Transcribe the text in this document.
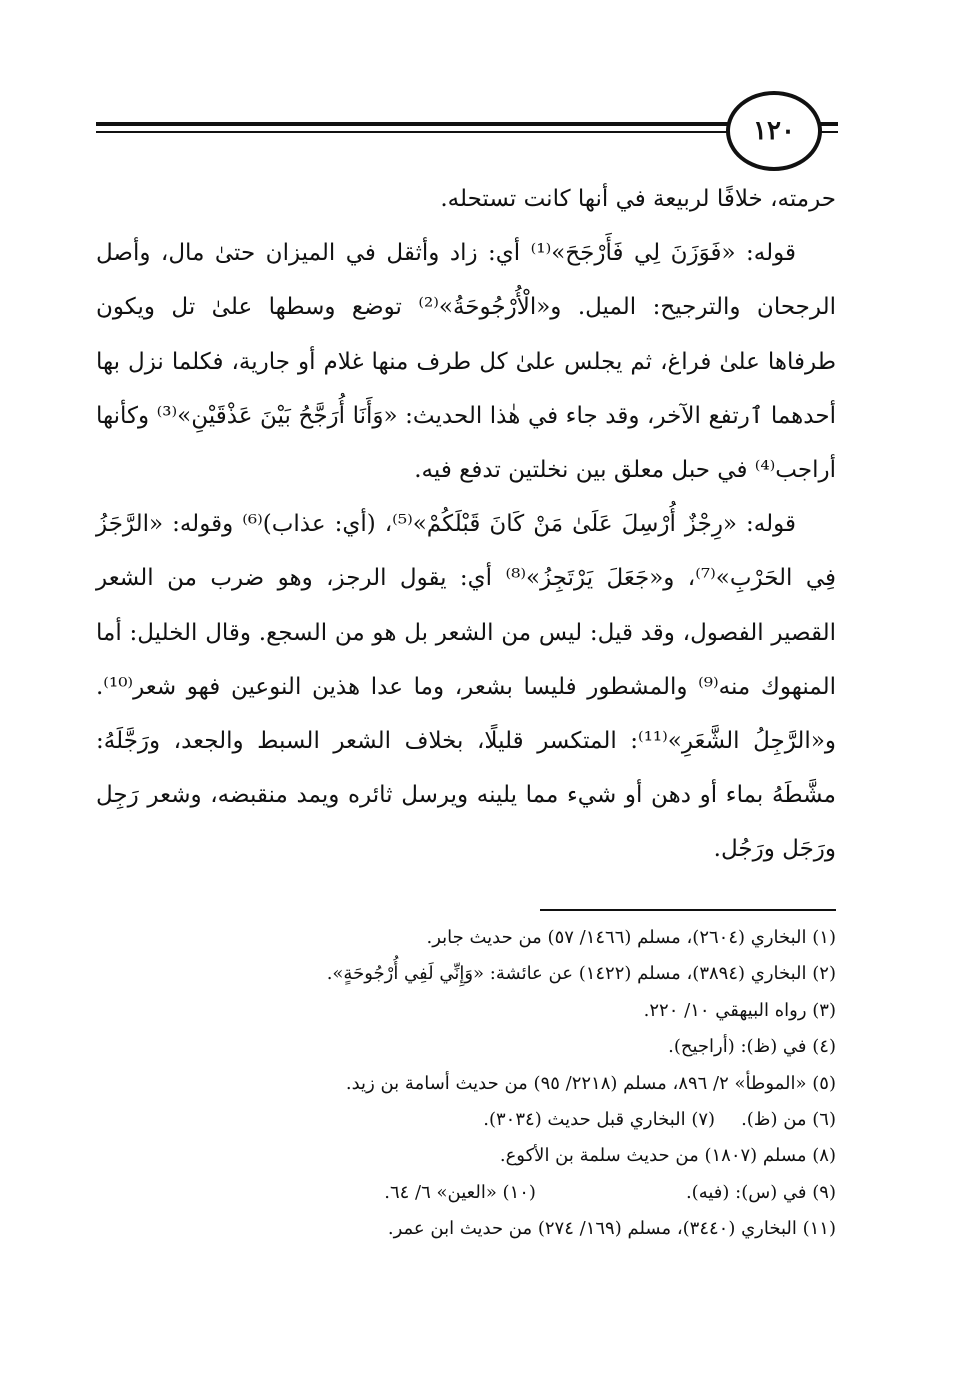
١٢٠

حرمته، خلافًا لربيعة في أنها كانت تستحله.

قوله: «فَوَزَنَ لِي فَأَرْجَحَ»⁽¹⁾ أي: زاد وأثقل في الميزان حتىٰ مال، وأصل الرجحان والترجيح: الميل. و«الْأُرْجُوحَةُ»⁽²⁾ توضع وسطها علىٰ تل ويكون طرفاها علىٰ فراغ، ثم يجلس علىٰ كل طرف منها غلام أو جارية، فكلما نزل بها أحدهما ٱرتفع الآخر، وقد جاء في هٰذا الحديث: «وَأَنَا أُرَجَّحُ بَيْنَ عَذْقَيْنِ»⁽³⁾ وكأنها أراجب⁽⁴⁾ في حبل معلق بين نخلتين تدفع فيه.

قوله: «رِجْزٌ أُرْسِلَ عَلَىٰ مَنْ كَانَ قَبْلَكُمْ»⁽⁵⁾، (أي: عذاب)⁽⁶⁾ وقوله: «الرَّجَزُ فِي الحَرْبِ»⁽⁷⁾، و«جَعَلَ يَرْتَجِزُ»⁽⁸⁾ أي: يقول الرجز، وهو ضرب من الشعر القصير الفصول، وقد قيل: ليس من الشعر بل هو من السجع. وقال الخليل: أما المنهوك منه⁽⁹⁾ والمشطور فليسا بشعر، وما عدا هذين النوعين فهو شعر⁽¹⁰⁾. و«الرَّجِلُ الشَّعَرِ»⁽¹¹⁾: المتكسر قليلًا، بخلاف الشعر السبط والجعد، ورَجَّلَهُ: مشَّطَهُ بماء أو دهن أو شيء مما يلينه ويرسل ثائره ويمد منقبضه، وشعر رَجِل ورَجَل ورَجُل.

(١) البخاري (٢٦٠٤)، مسلم (١٤٦٦/ ٥٧) من حديث جابر.
(٢) البخاري (٣٨٩٤)، مسلم (١٤٢٢) عن عائشة: «وَإِنِّي لَفِي أُرْجُوحَةٍ».
(٣) رواه البيهقي ١٠/ ٢٢٠.
(٤) في (ظ): (أراجيح).
(٥) «الموطأ» ٢/ ٨٩٦، مسلم (٢٢١٨/ ٩٥) من حديث أسامة بن زيد.
(٦) من (ظ).
(٧) البخاري قبل حديث (٣٠٣٤).
(٨) مسلم (١٨٠٧) من حديث سلمة بن الأكوع.
(٩) في (س): (فيه).
(١٠) «العين» ٦/ ٦٤.
(١١) البخاري (٣٤٤٠)، مسلم (١٦٩/ ٢٧٤) من حديث ابن عمر.
